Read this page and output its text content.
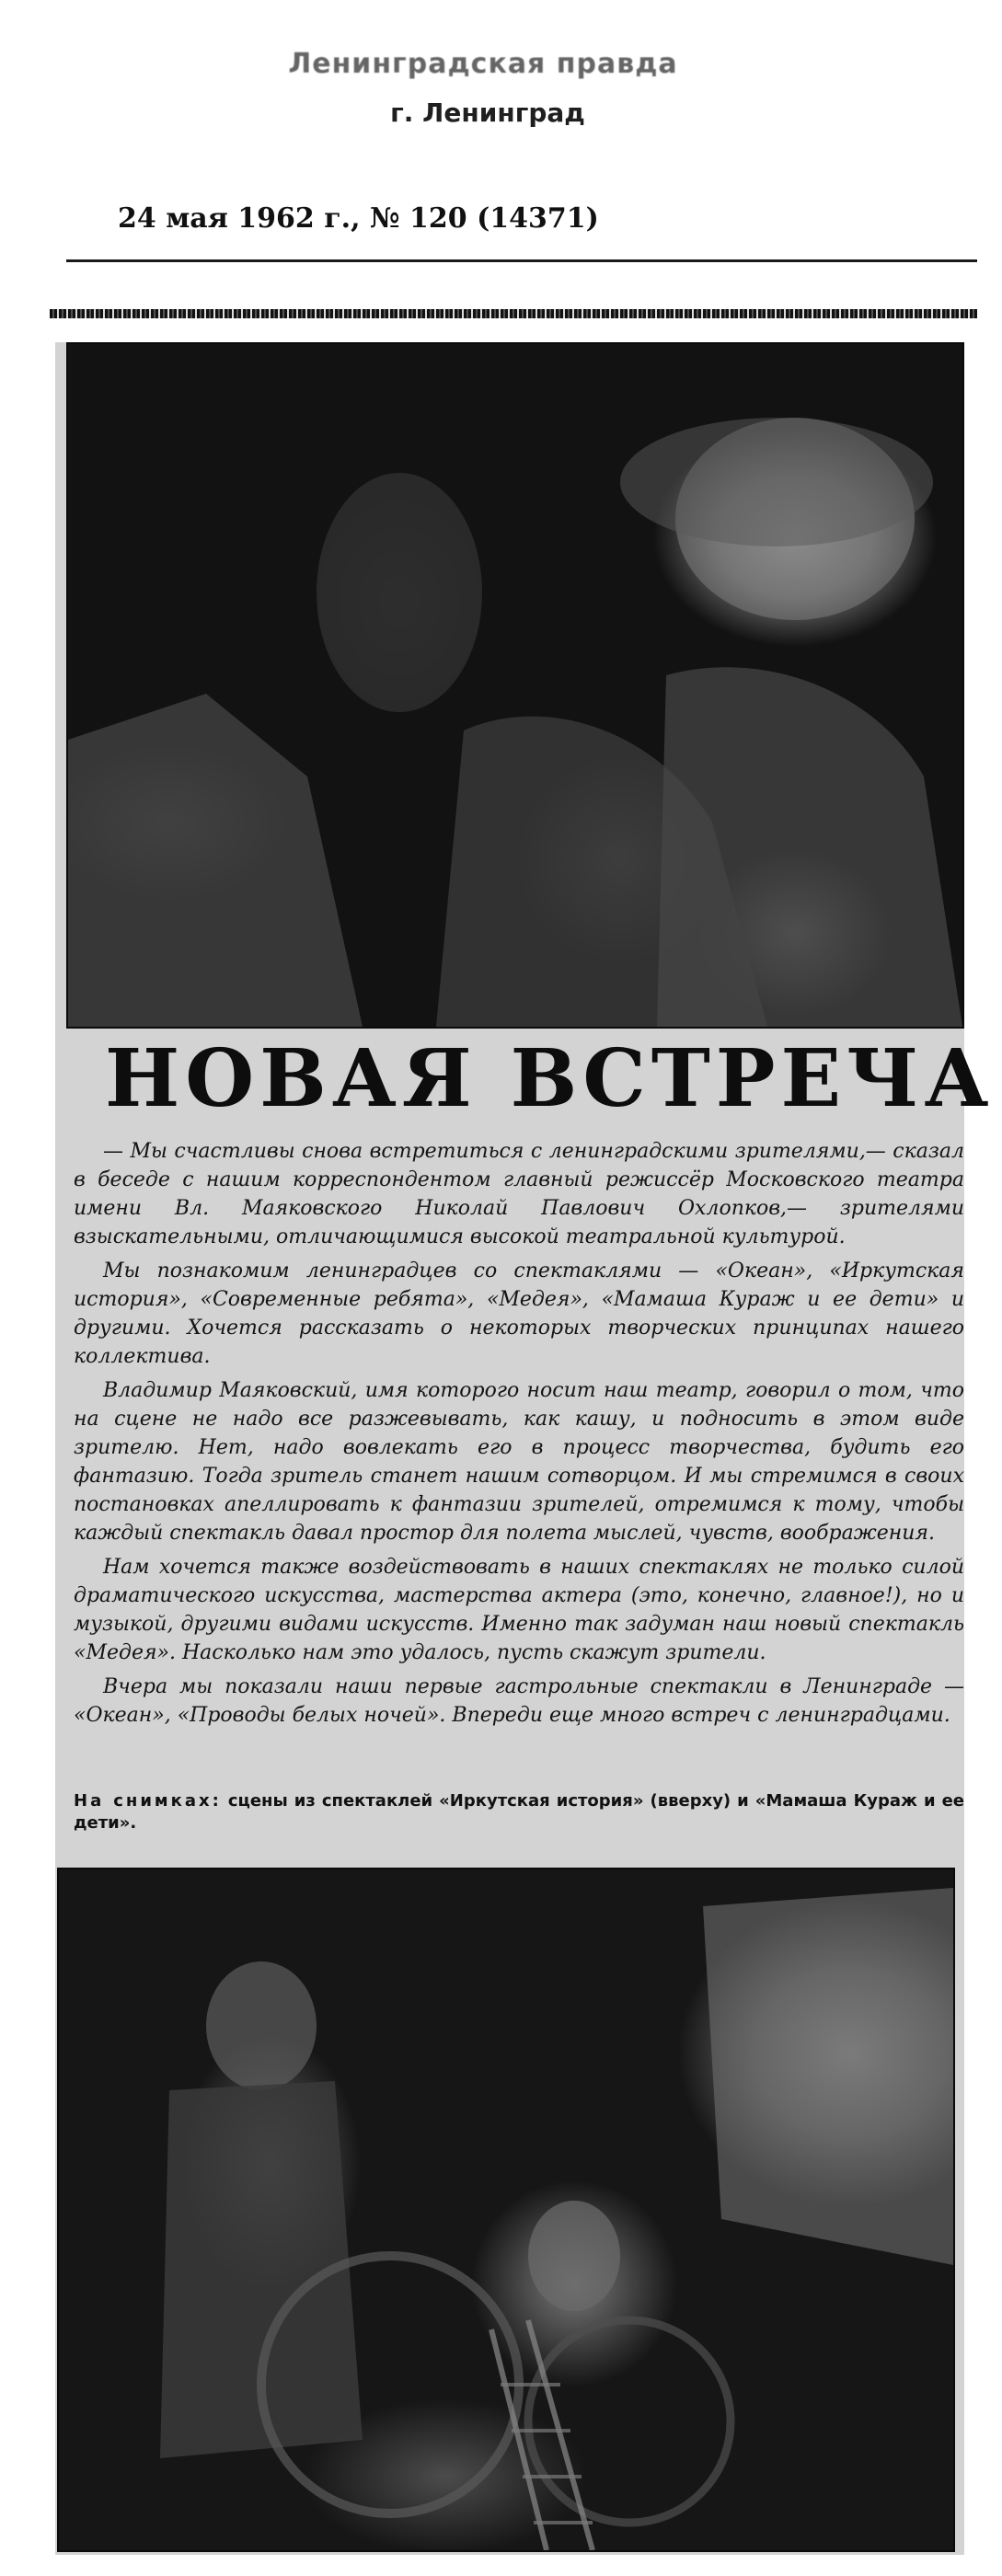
Ленинградская правда
г. Ленинград
24 мая 1962 г., № 120 (14371)
НОВАЯ ВСТРЕЧА

— Мы счастливы снова встретиться с ленинградскими зрителями,— сказал в беседе с нашим корреспондентом главный режиссёр Московского театра имени Вл. Маяковского Николай Павлович Охлопков,— зрителями взыскательными, отличающимися высокой театральной культурой.

Мы познакомим ленинградцев со спектаклями — «Океан», «Иркутская история», «Современные ребята», «Медея», «Мамаша Кураж и ее дети» и другими. Хочется рассказать о некоторых творческих принципах нашего коллектива.

Владимир Маяковский, имя которого носит наш театр, говорил о том, что на сцене не надо все разжевывать, как кашу, и подносить в этом виде зрителю. Нет, надо вовлекать его в процесс творчества, будить его фантазию. Тогда зритель станет нашим сотворцом. И мы стремимся в своих постановках апеллировать к фантазии зрителей, отремимся к тому, чтобы каждый спектакль давал простор для полета мыслей, чувств, воображения.

Нам хочется также воздействовать в наших спектаклях не только силой драматического искусства, мастерства актера (это, конечно, главное!), но и музыкой, другими видами искусств. Именно так задуман наш новый спектакль «Медея». Насколько нам это удалось, пусть скажут зрители.

Вчера мы показали наши первые гастрольные спектакли в Ленинграде — «Океан», «Проводы белых ночей». Впереди еще много встреч с ленинградцами.

На снимках: сцены из спектаклей «Иркутская история» (вверху) и «Мамаша Кураж и ее дети».
